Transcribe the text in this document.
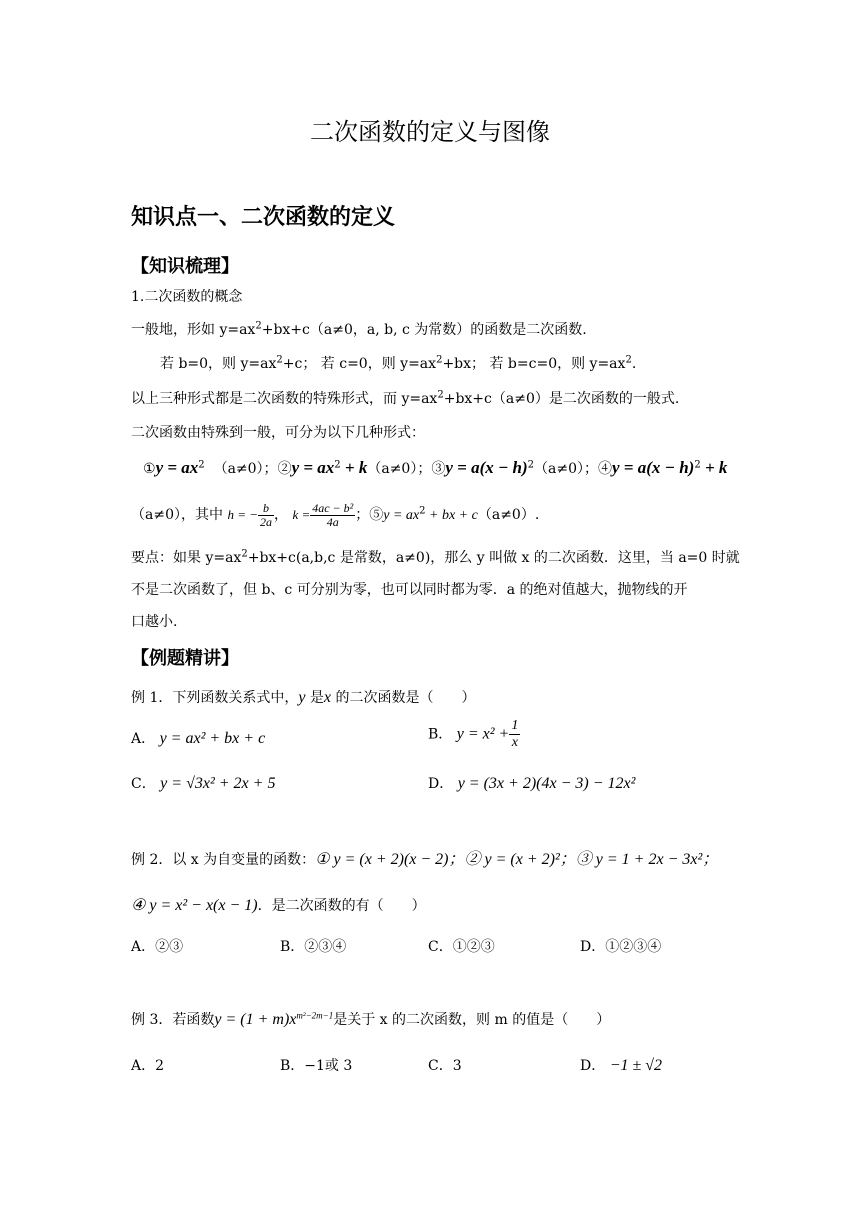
二次函数的定义与图像
知识点一、二次函数的定义
【知识梳理】
1.二次函数的概念
一般地，形如 $y=ax^2+bx+c(a\ne 0$，a, b, c 为常数）的函数是二次函数.
若 b=0，则 $y=ax^2+c$； 若 c=0，则 $y=ax^2+bx$； 若 b=c=0，则 $y=ax^2$.
以上三种形式都是二次函数的特殊形式，而 $y=ax^2+bx+c(a\ne 0)$是二次函数的一般式.
二次函数由特殊到一般，可分为以下几种形式：
①y = $ax^2$ （a≠0）；②y = $ax^2 + k(a\ne 0)$；③y = $a(x - h)^2(a\ne 0)$；④y = $a(x - h)^2 + k$
（a≠0），其中 h = − $\frac{b}{2a}$ ， $k = \frac{\text{4ac − b²}}{4a}$ ；⑤y = $ax^2$ + bx + c（a≠0）.
要点：如果 $y=ax^2+bx+c(a,b,c$ 是常数，a≠0)，那么 y 叫做 x 的二次函数．这里，当 a=0 时就
不是二次函数了，但 b、c 可分别为零，也可以同时都为零．a 的绝对值越大，抛物线的开
口越小.
【例题精讲】
例 1．下列函数关系式中，y 是x 的二次函数是（　　）
A． y = ax² + bx + c	B． $y = x^2 + \frac{1}{x}$
C． y = √3x² + 2x + 5	D． y = (3x + 2)(4x − 3) − 12x²
例 2．以 x 为自变量的函数：① y = (x + 2)(x − 2)；② y = (x + 2)²；③ y = 1 + 2x − 3x²；
④ y = x² − x(x − 1)．是二次函数的有（　　）
A．②③	B．②③④	C．①②③	D．①②③④
例 3．若函数$y = (1 + m)x^{m^2-2m-1}$是关于 x 的二次函数，则 m 的值是（　　）
A．2	B．−1或 3	C．3	D． −1 ± √2
